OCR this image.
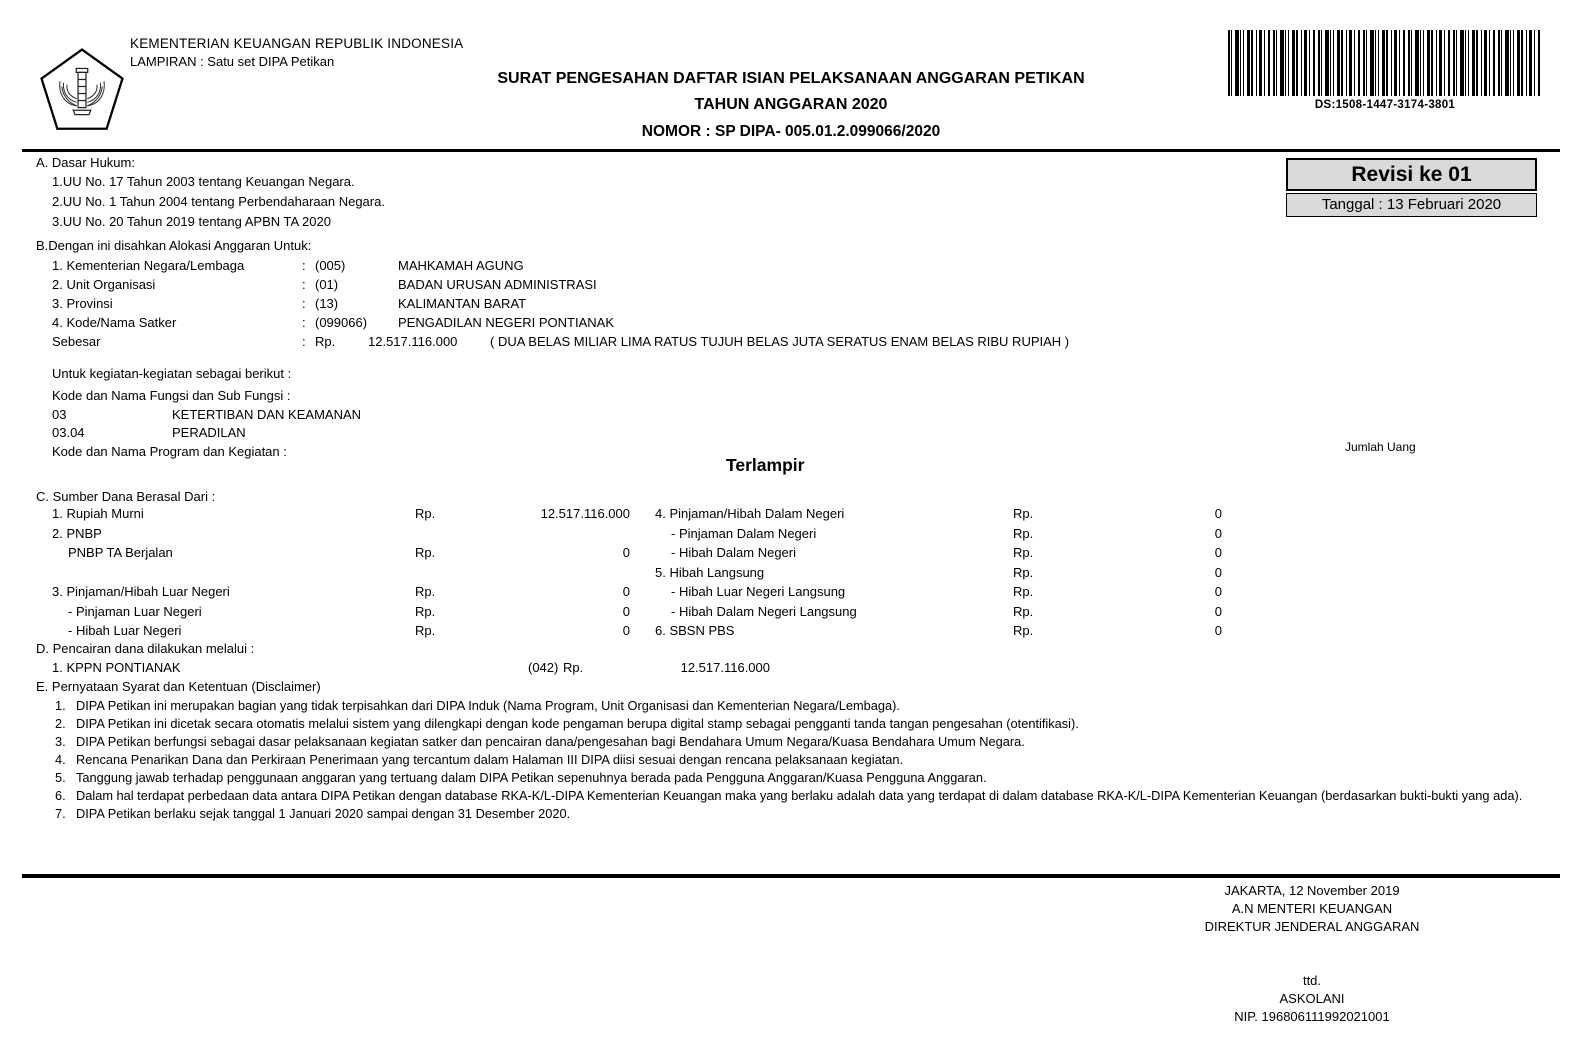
KEMENTERIAN KEUANGAN REPUBLIK INDONESIA
LAMPIRAN : Satu set DIPA Petikan
SURAT PENGESAHAN DAFTAR ISIAN PELAKSANAAN ANGGARAN PETIKAN
TAHUN ANGGARAN 2020
NOMOR : SP DIPA- 005.01.2.099066/2020
DS:1508-1447-3174-3801
Revisi ke 01
Tanggal : 13 Februari 2020
A. Dasar Hukum:
1.UU No. 17 Tahun 2003 tentang Keuangan Negara.
2.UU No. 1 Tahun 2004 tentang Perbendaharaan Negara.
3.UU No. 20 Tahun 2019 tentang APBN TA 2020
B.Dengan ini disahkan Alokasi Anggaran Untuk:
1. Kementerian Negara/Lembaga	: (005)	MAHKAMAH AGUNG
2. Unit Organisasi	: (01)	BADAN URUSAN ADMINISTRASI
3. Provinsi	: (13)	KALIMANTAN BARAT
4. Kode/Nama Satker	: (099066)	PENGADILAN NEGERI PONTIANAK
Sebesar	: Rp.	12.517.116.000	( DUA BELAS MILIAR LIMA RATUS TUJUH BELAS JUTA SERATUS ENAM BELAS RIBU RUPIAH )
Untuk kegiatan-kegiatan sebagai berikut :
Kode dan Nama Fungsi dan Sub Fungsi :
03	KETERTIBAN DAN KEAMANAN
03.04	PERADILAN
Kode dan Nama Program dan Kegiatan :	Jumlah Uang
Terlampir
C. Sumber Dana Berasal Dari :
1. Rupiah Murni	Rp.	12.517.116.000
2. PNBP
PNBP TA Berjalan	Rp.	0
3. Pinjaman/Hibah Luar Negeri	Rp.	0
- Pinjaman Luar Negeri	Rp.	0
- Hibah Luar Negeri	Rp.	0
4. Pinjaman/Hibah Dalam Negeri	Rp.	0
- Pinjaman Dalam Negeri	Rp.	0
- Hibah Dalam Negeri	Rp.	0
5. Hibah Langsung	Rp.	0
- Hibah Luar Negeri Langsung	Rp.	0
- Hibah Dalam Negeri Langsung	Rp.	0
6. SBSN PBS	Rp.	0
D. Pencairan dana dilakukan melalui :
1. KPPN PONTIANAK	(042) Rp.	12.517.116.000
E. Pernyataan Syarat dan Ketentuan (Disclaimer)
1. DIPA Petikan ini merupakan bagian yang tidak terpisahkan dari DIPA Induk (Nama Program, Unit Organisasi dan Kementerian Negara/Lembaga).
2. DIPA Petikan ini dicetak secara otomatis melalui sistem yang dilengkapi dengan kode pengaman berupa digital stamp sebagai pengganti tanda tangan pengesahan (otentifikasi).
3. DIPA Petikan berfungsi sebagai dasar pelaksanaan kegiatan satker dan pencairan dana/pengesahan bagi Bendahara Umum Negara/Kuasa Bendahara Umum Negara.
4. Rencana Penarikan Dana dan Perkiraan Penerimaan yang tercantum dalam Halaman III DIPA diisi sesuai dengan rencana pelaksanaan kegiatan.
5. Tanggung jawab terhadap penggunaan anggaran yang tertuang dalam DIPA Petikan sepenuhnya berada pada Pengguna Anggaran/Kuasa Pengguna Anggaran.
6. Dalam hal terdapat perbedaan data antara DIPA Petikan dengan database RKA-K/L-DIPA Kementerian Keuangan maka yang berlaku adalah data yang terdapat di dalam database RKA-K/L-DIPA Kementerian Keuangan (berdasarkan bukti-bukti yang ada).
7. DIPA Petikan berlaku sejak tanggal 1 Januari 2020 sampai dengan 31 Desember 2020.
JAKARTA, 12 November 2019
A.N MENTERI KEUANGAN
DIREKTUR JENDERAL ANGGARAN
ttd.
ASKOLANI
NIP. 196806111992021001
